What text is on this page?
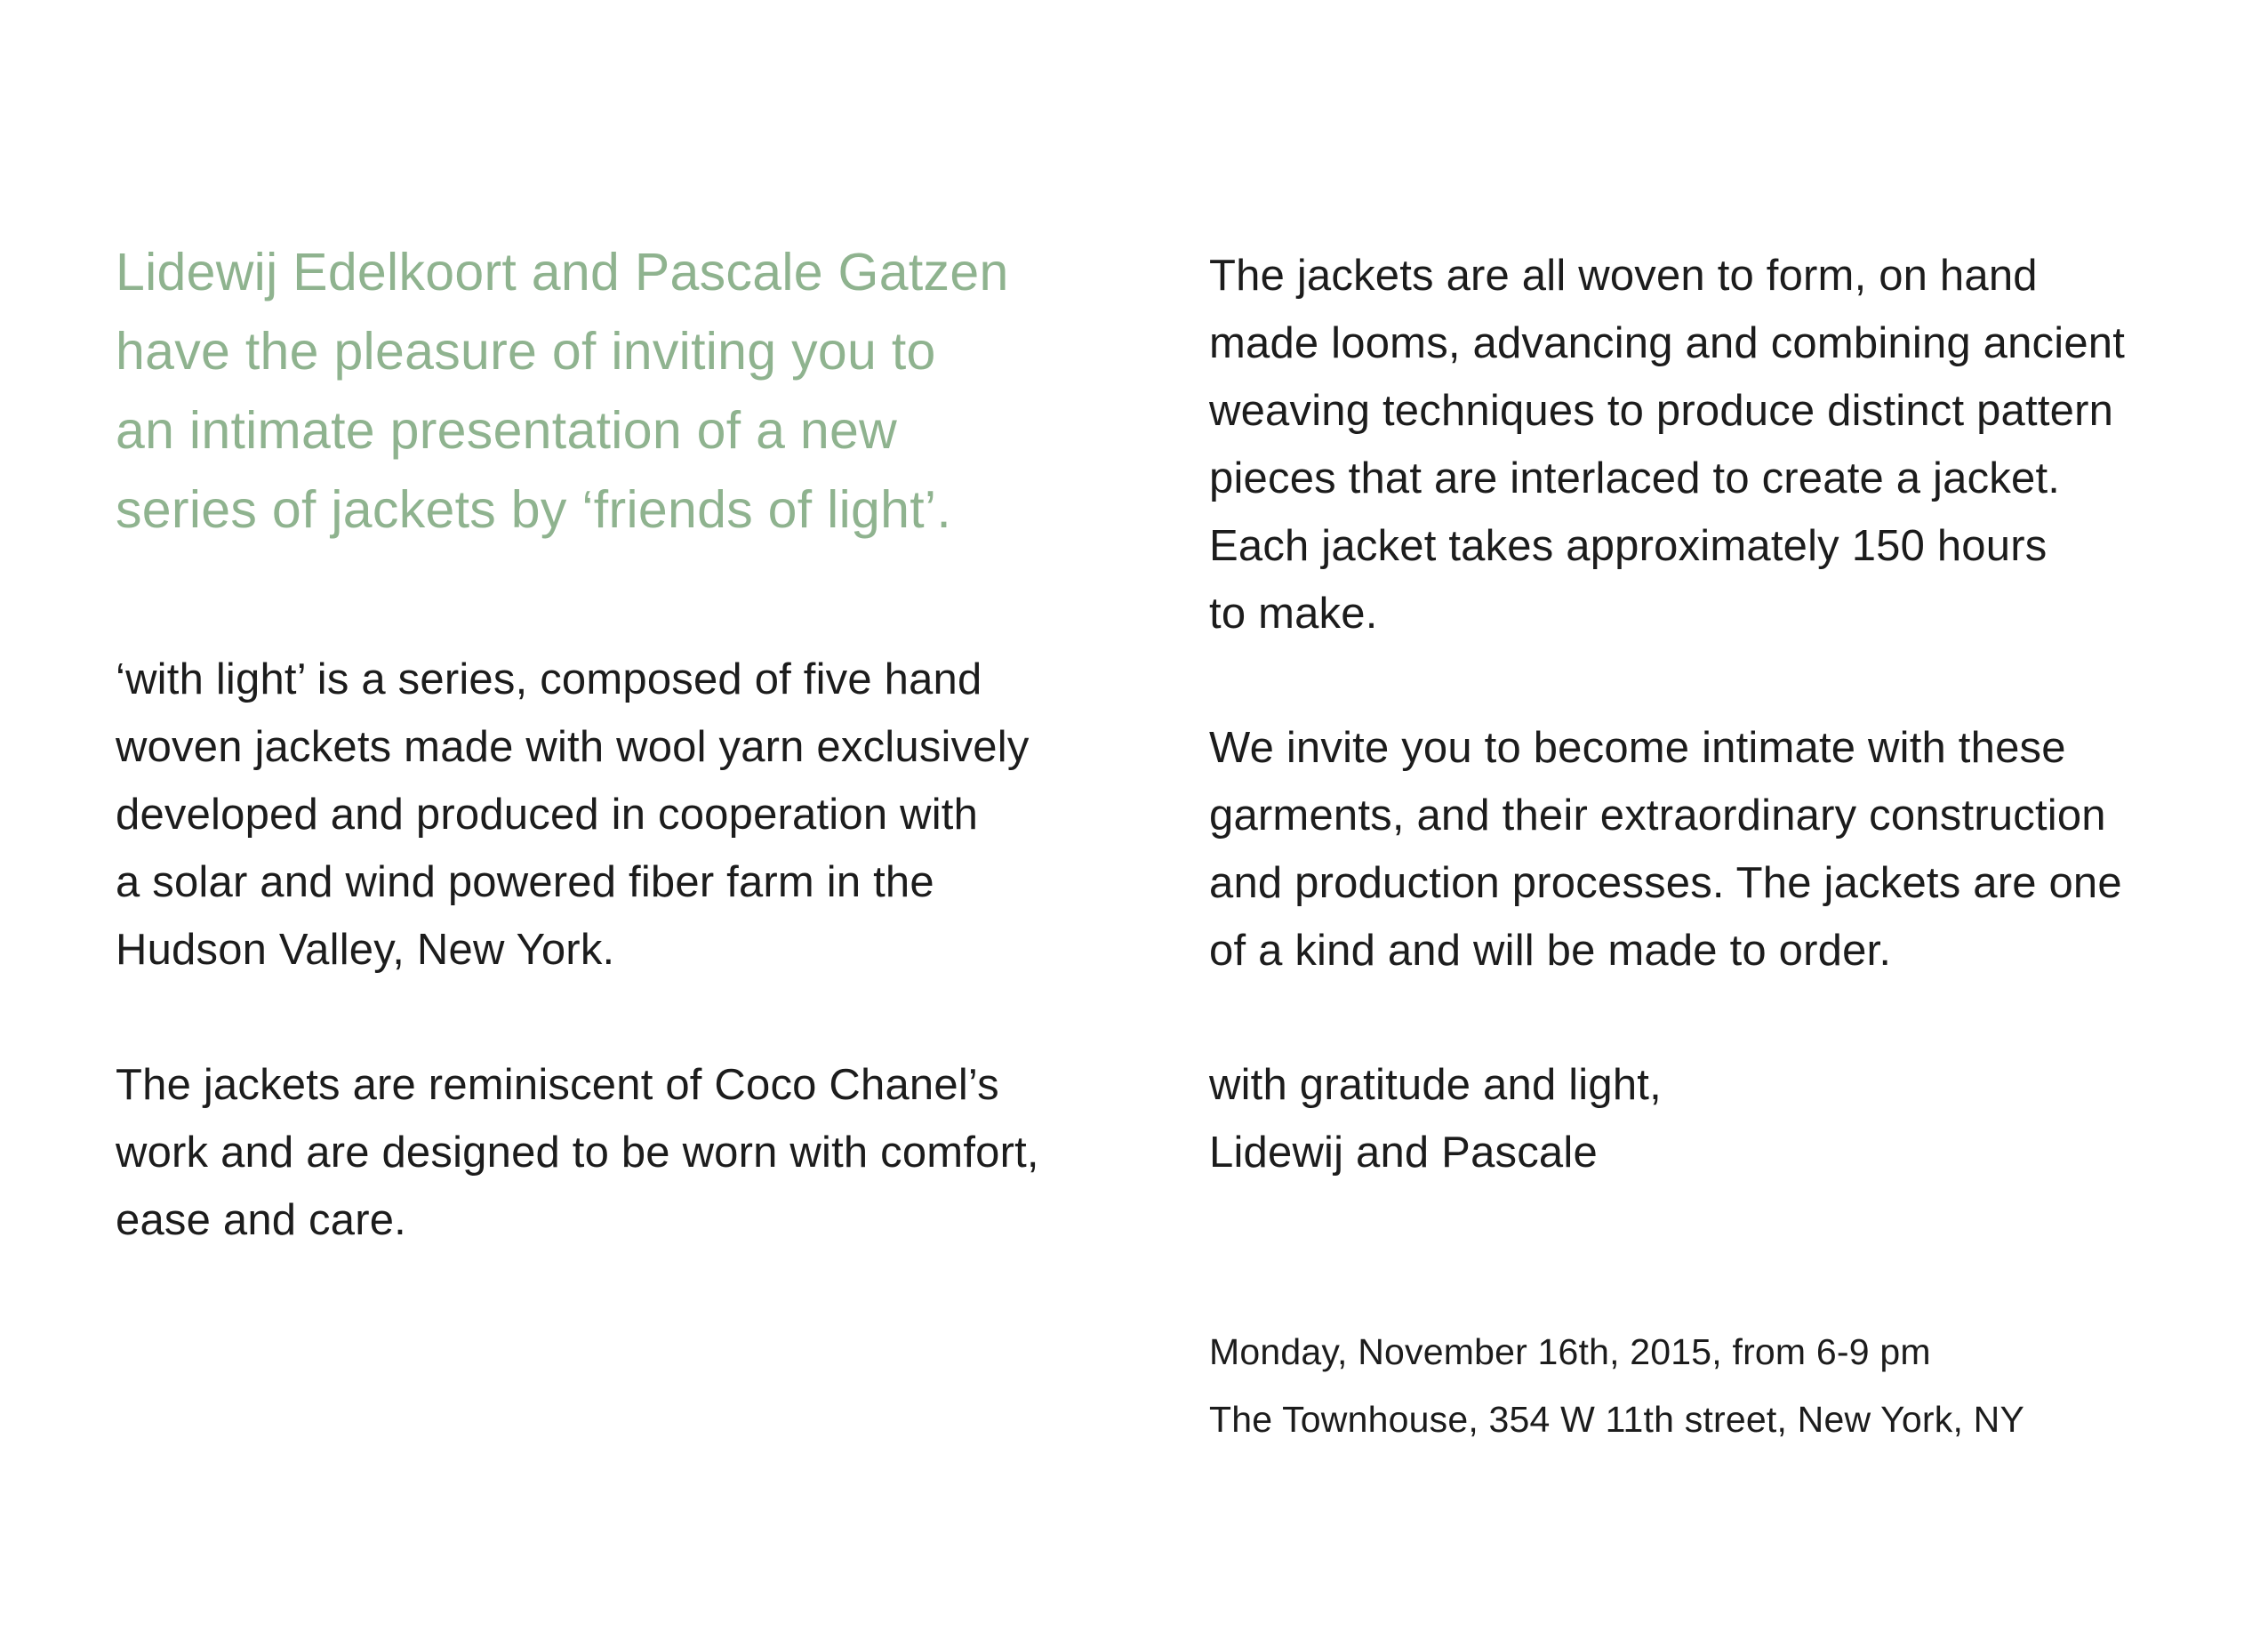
Lidewij Edelkoort and Pascale Gatzen
have the pleasure of inviting you to
an intimate presentation of a new
series of jackets by ‘friends of light’.
‘with light’ is a series, composed of five hand
woven jackets made with wool yarn exclusively
developed and produced in cooperation with
a solar and wind powered fiber farm in the
Hudson Valley, New York.
The jackets are reminiscent of Coco Chanel’s
work and are designed to be worn with comfort,
ease and care.
The jackets are all woven to form, on hand
made looms, advancing and combining ancient
weaving techniques to produce distinct pattern
pieces that are interlaced to create a jacket.
Each jacket takes approximately 150 hours
to make.
We invite you to become intimate with these
garments, and their extraordinary construction
and production processes. The jackets are one
of a kind and will be made to order.
with gratitude and light,
Lidewij and Pascale
Monday, November 16th, 2015, from 6-9 pm
The Townhouse, 354 W 11th street, New York, NY
